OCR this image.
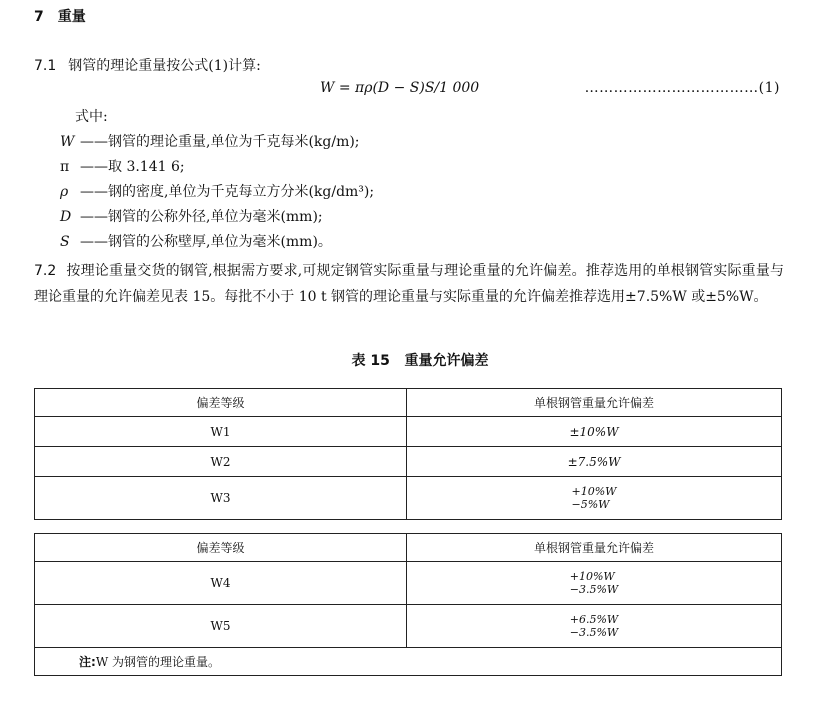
7 重量
7.1 钢管的理论重量按公式(1)计算:
W = πρ(D − S)S/1 000	………………………………(1)
式中:
W ——钢管的理论重量,单位为千克每米(kg/m);
π ——取 3.141 6;
ρ ——钢的密度,单位为千克每立方分米(kg/dm³);
D ——钢管的公称外径,单位为毫米(mm);
S ——钢管的公称壁厚,单位为毫米(mm)。
7.2 按理论重量交货的钢管,根据需方要求,可规定钢管实际重量与理论重量的允许偏差。推荐选用的单根钢管实际重量与理论重量的允许偏差见表 15。每批不小于 10 t 钢管的理论重量与实际重量的允许偏差推荐选用±7.5%W 或±5%W。
表 15   重量允许偏差
偏差等级	单根钢管重量允许偏差
W1	±10%W
W2	±7.5%W
W3	+10%W
−5%W
偏差等级	单根钢管重量允许偏差
W4	+10%W
−3.5%W

W5	+6.5%W
−3.5%W

注:W 为钢管的理论重量。	
